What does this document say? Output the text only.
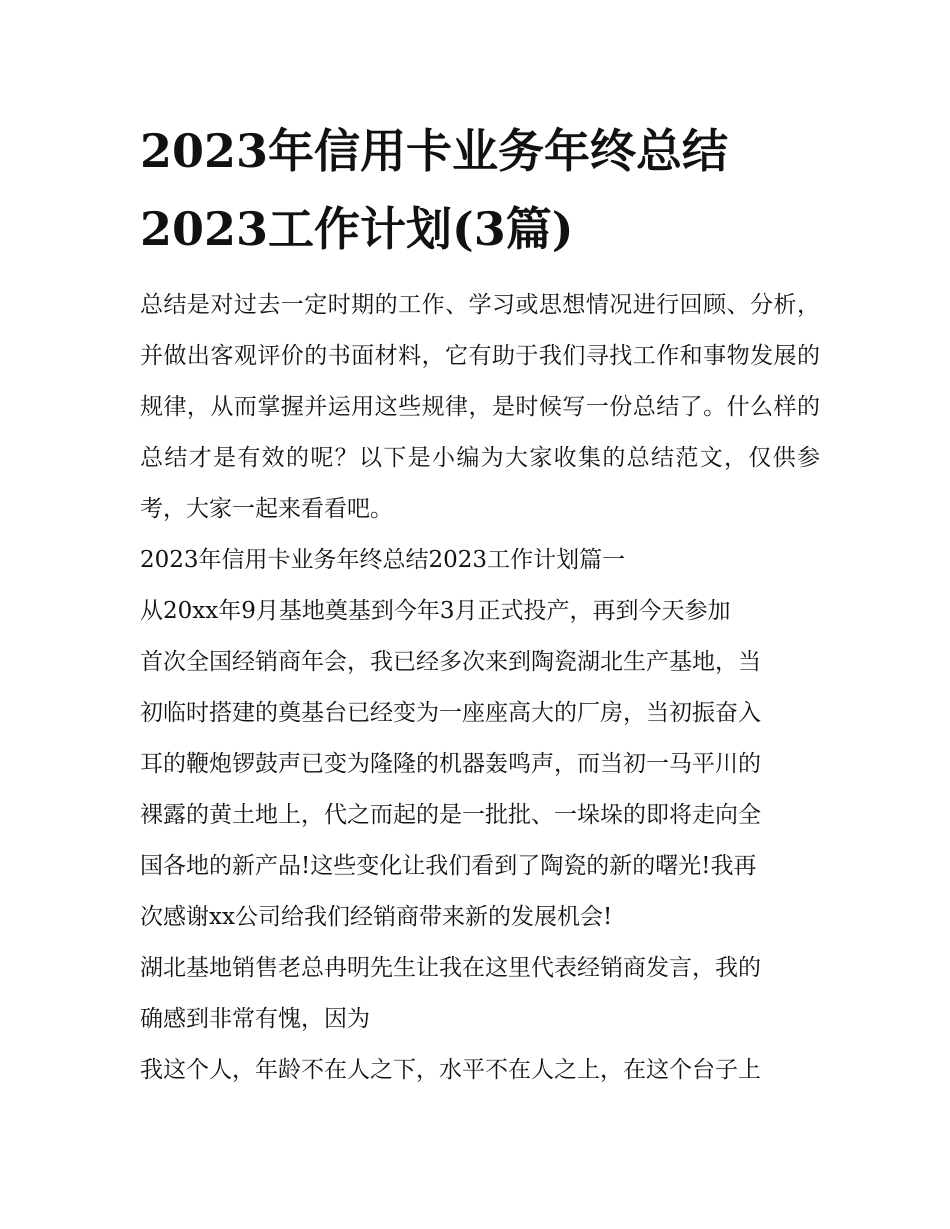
2023年信用卡业务年终总结
2023工作计划(3篇)

总结是对过去一定时期的工作、学习或思想情况进行回顾、分析，并做出客观评价的书面材料，它有助于我们寻找工作和事物发展的规律，从而掌握并运用这些规律，是时候写一份总结了。什么样的总结才是有效的呢？以下是小编为大家收集的总结范文，仅供参考，大家一起来看看吧。

2023年信用卡业务年终总结2023工作计划篇一

从20xx年9月基地奠基到今年3月正式投产，再到今天参加
首次全国经销商年会，我已经多次来到陶瓷湖北生产基地，当
初临时搭建的奠基台已经变为一座座高大的厂房，当初振奋入
耳的鞭炮锣鼓声已变为隆隆的机器轰鸣声，而当初一马平川的
裸露的黄土地上，代之而起的是一批批、一垛垛的即将走向全
国各地的新产品!这些变化让我们看到了陶瓷的新的曙光!我再
次感谢xx公司给我们经销商带来新的发展机会!

湖北基地销售老总冉明先生让我在这里代表经销商发言，我的
确感到非常有愧，因为

我这个人，年龄不在人之下，水平不在人之上，在这个台子上
